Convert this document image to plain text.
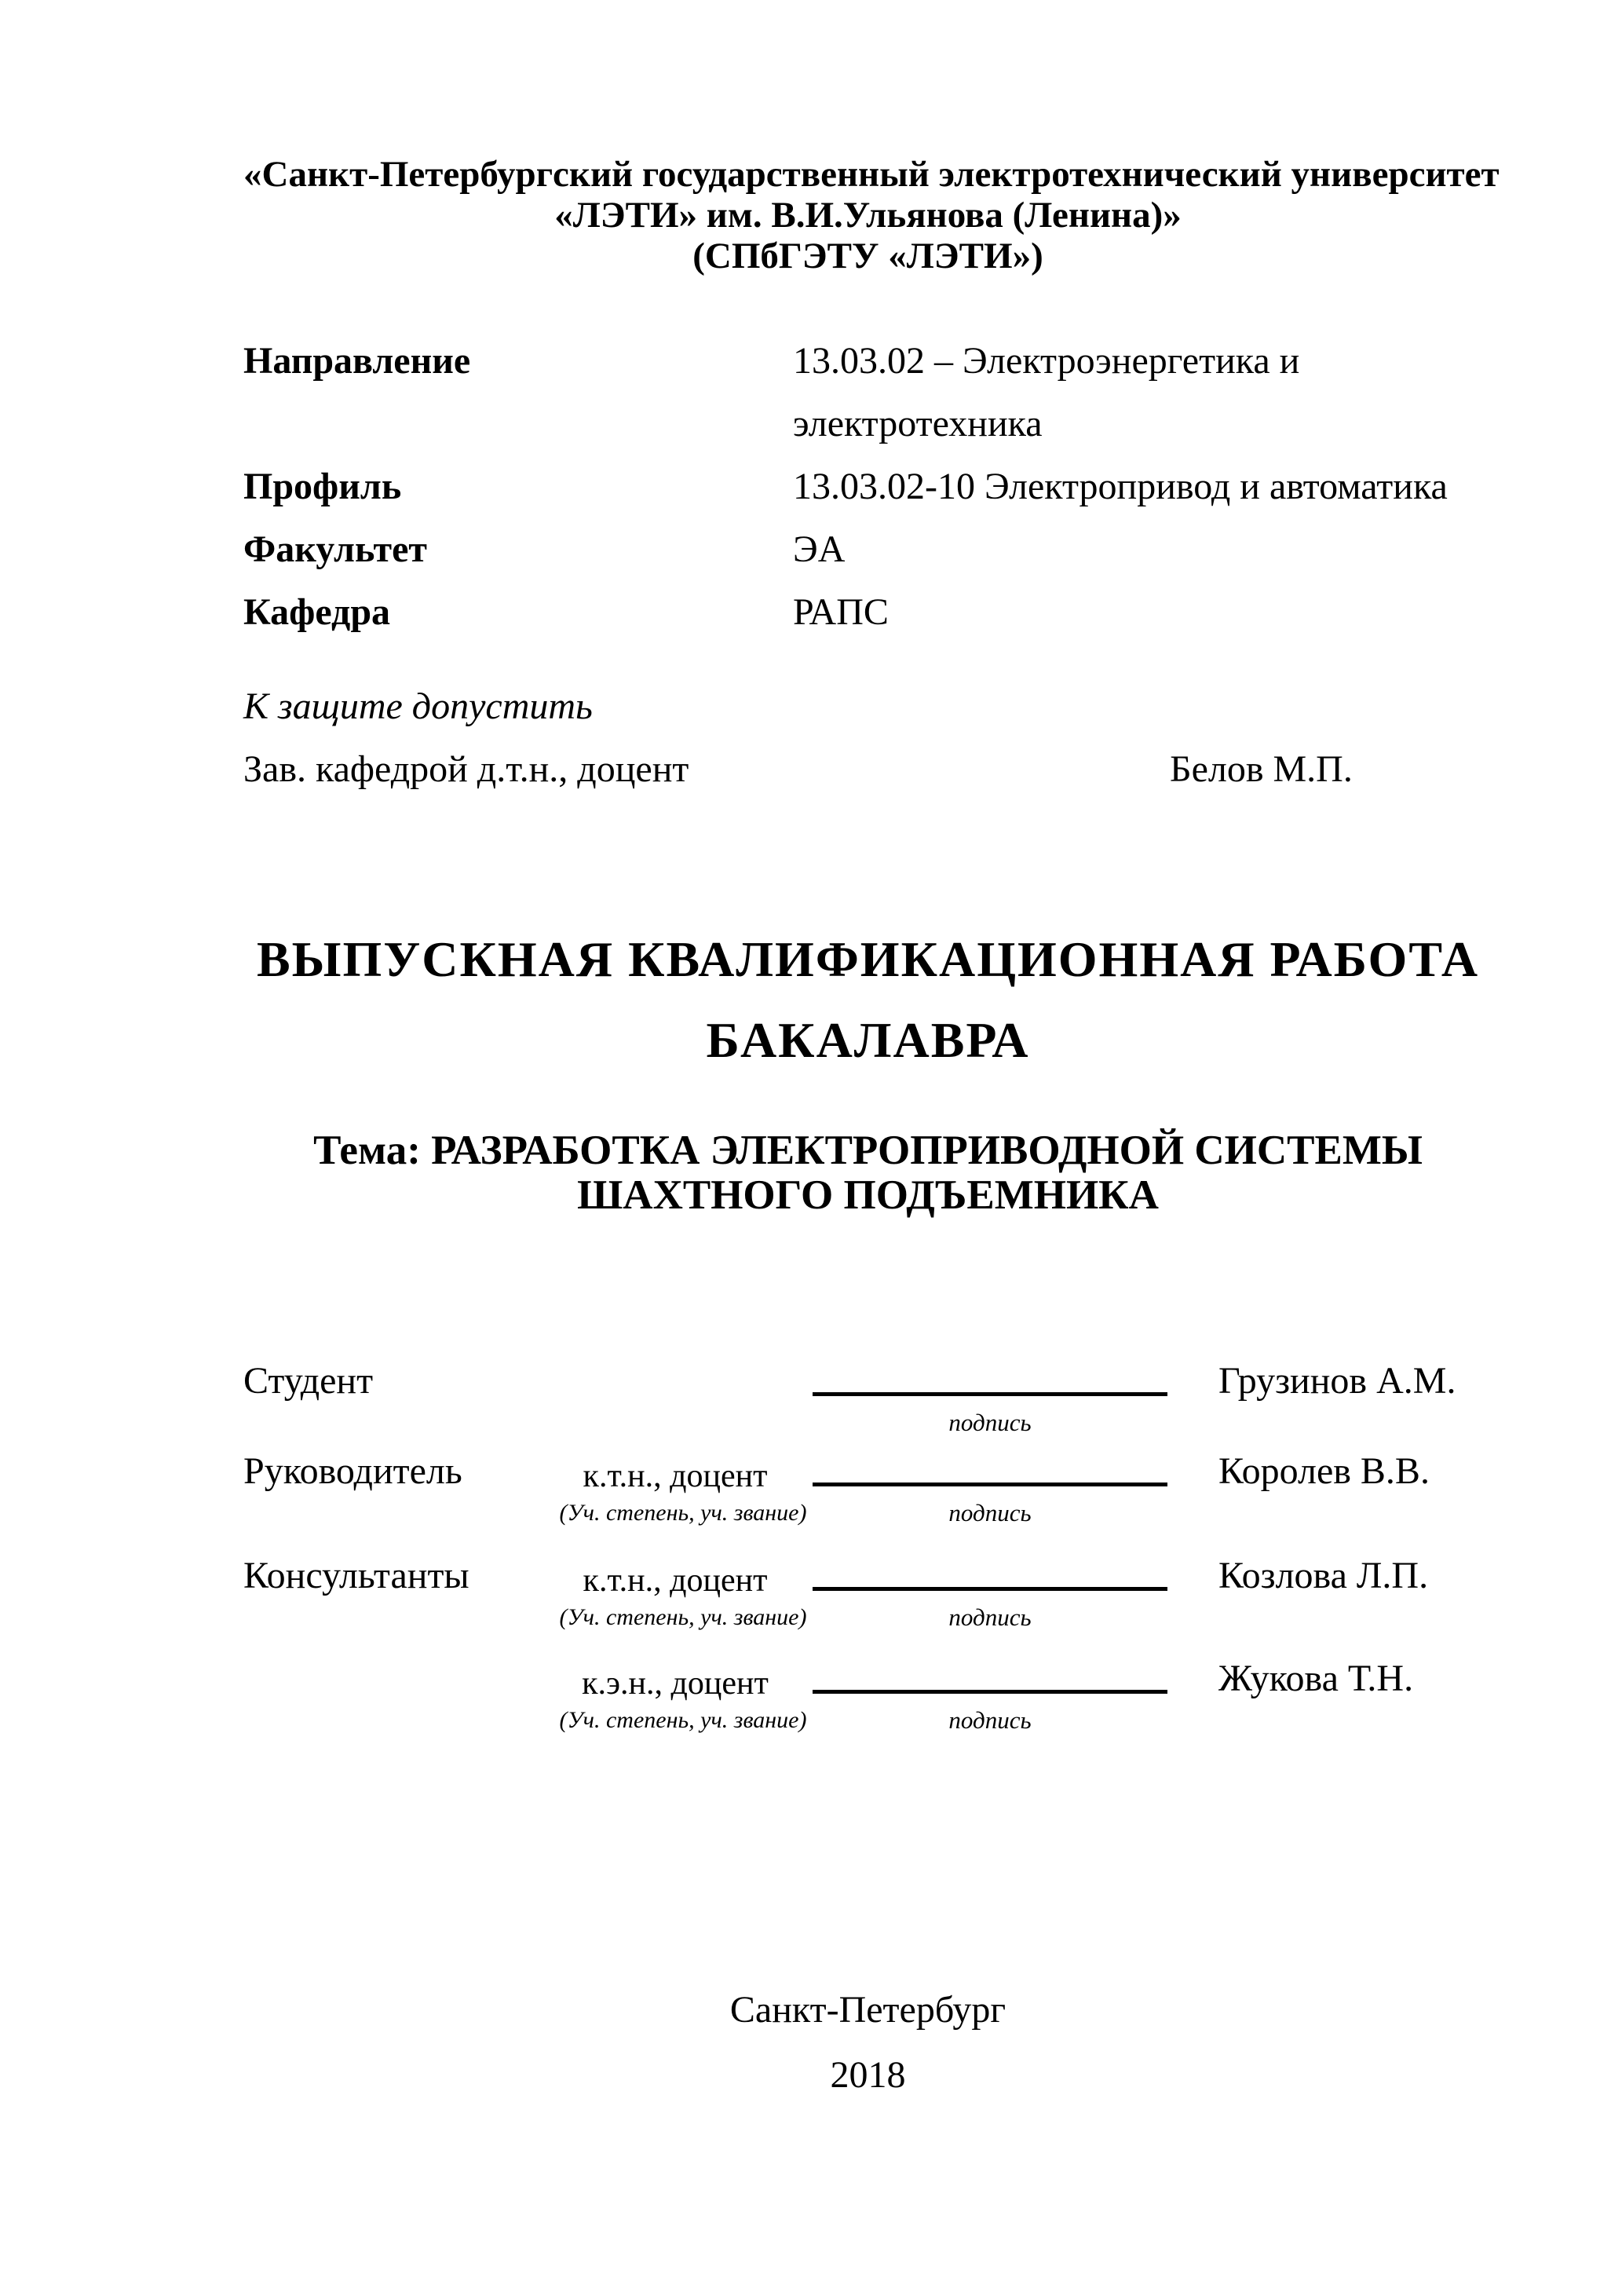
«Санкт-Петербургский государственный электротехнический университет
«ЛЭТИ» им. В.И.Ульянова (Ленина)»
(СПбГЭТУ «ЛЭТИ»)
Направление	13.03.02 – Электроэнергетика и
электротехника
Профиль	13.03.02-10 Электропривод и автоматика
Факультет	ЭА
Кафедра	РАПС
К защите допустить
Зав. кафедрой д.т.н., доцент	Белов М.П.
ВЫПУСКНАЯ КВАЛИФИКАЦИОННАЯ РАБОТА
БАКАЛАВРА
Тема: РАЗРАБОТКА ЭЛЕКТРОПРИВОДНОЙ СИСТЕМЫ
ШАХТНОГО ПОДЪЕМНИКА
Студент
подпись
Грузинов А.М.
Руководитель	к.т.н., доцент
(Уч. степень, уч. звание)	подпись
Королев В.В.
Консультанты	к.т.н., доцент
(Уч. степень, уч. звание)	подпись
Козлова Л.П.
к.э.н., доцент
(Уч. степень, уч. звание)	подпись
Жукова Т.Н.
Санкт-Петербург
2018
